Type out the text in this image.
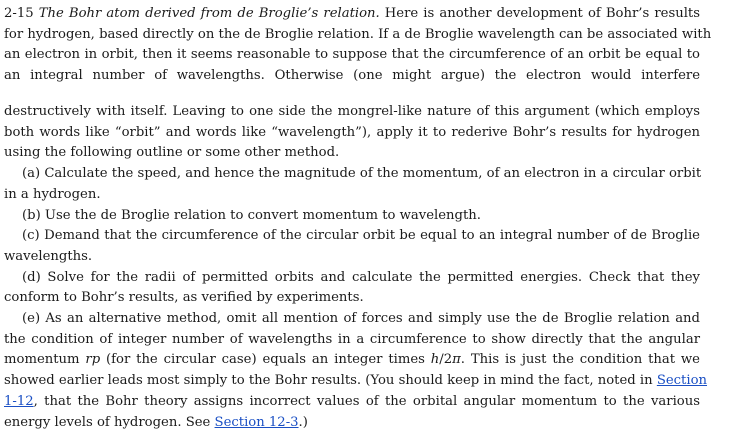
2-15 The Bohr atom derived from de Broglie’s relation. Here is another development of Bohr’s results
for hydrogen, based directly on the de Broglie relation. If a de Broglie wavelength can be associated with
an electron in orbit, then it seems reasonable to suppose that the circumference of an orbit be equal to
an integral number of wavelengths. Otherwise (one might argue) the electron would interfere
destructively with itself. Leaving to one side the mongrel-like nature of this argument (which employs
both words like “orbit” and words like “wavelength”), apply it to rederive Bohr’s results for hydrogen
using the following outline or some other method.
(a) Calculate the speed, and hence the magnitude of the momentum, of an electron in a circular orbit
in a hydrogen.
(b) Use the de Broglie relation to convert momentum to wavelength.
(c) Demand that the circumference of the circular orbit be equal to an integral number of de Broglie
wavelengths.
(d) Solve for the radii of permitted orbits and calculate the permitted energies. Check that they
conform to Bohr’s results, as verified by experiments.
(e) As an alternative method, omit all mention of forces and simply use the de Broglie relation and
the condition of integer number of wavelengths in a circumference to show directly that the angular
momentum rp (for the circular case) equals an integer times h/2π. This is just the condition that we
showed earlier leads most simply to the Bohr results. (You should keep in mind the fact, noted in Section
1-12, that the Bohr theory assigns incorrect values of the orbital angular momentum to the various
energy levels of hydrogen. See Section 12-3.)
